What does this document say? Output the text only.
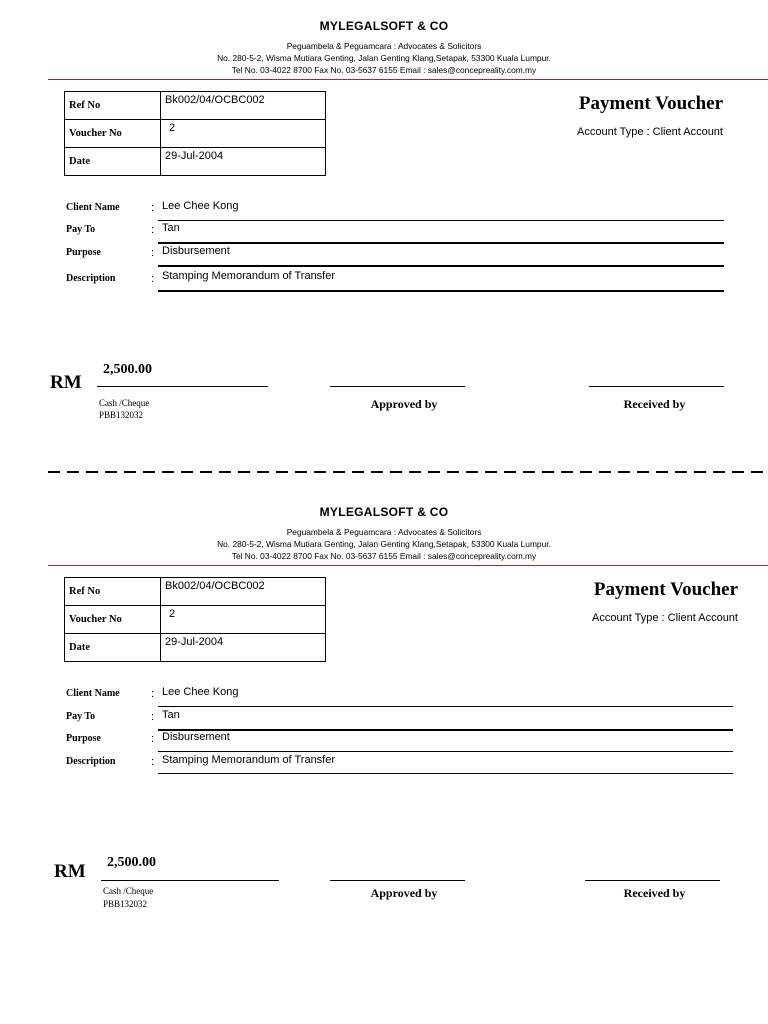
MYLEGALSOFT & CO
Peguambela & Peguamcara : Advocates & Solicitors
No. 280-5-2, Wisma Mutiara Genting, Jalan Genting Klang,Setapak, 53300 Kuala Lumpur.
Tel No. 03-4022 8700 Fax No. 03-5637 6155 Email : sales@concepreality.com.my
Ref No	Bk002/04/OCBC002
Voucher No	2
Date	29-Jul-2004
Payment Voucher
Account Type : Client Account
Client Name	: Lee Chee Kong
Pay To	: Tan
Purpose	: Disbursement
Description	: Stamping Memorandum of Transfer
RM
2,500.00
Cash /Cheque
PBB132032
Approved by	Received by
MYLEGALSOFT & CO
Peguambela & Peguamcara : Advocates & Solicitors
No. 280-5-2, Wisma Mutiara Genting, Jalan Genting Klang,Setapak, 53300 Kuala Lumpur.
Tel No. 03-4022 8700 Fax No. 03-5637 6155 Email : sales@concepreality.com.my
Ref No	Bk002/04/OCBC002
Voucher No	2
Date	29-Jul-2004
Payment Voucher
Account Type : Client Account
Client Name	: Lee Chee Kong
Pay To	: Tan
Purpose	: Disbursement
Description	: Stamping Memorandum of Transfer
RM 2,500.00
Cash /Cheque
PBB132032
Approved by	Received by
